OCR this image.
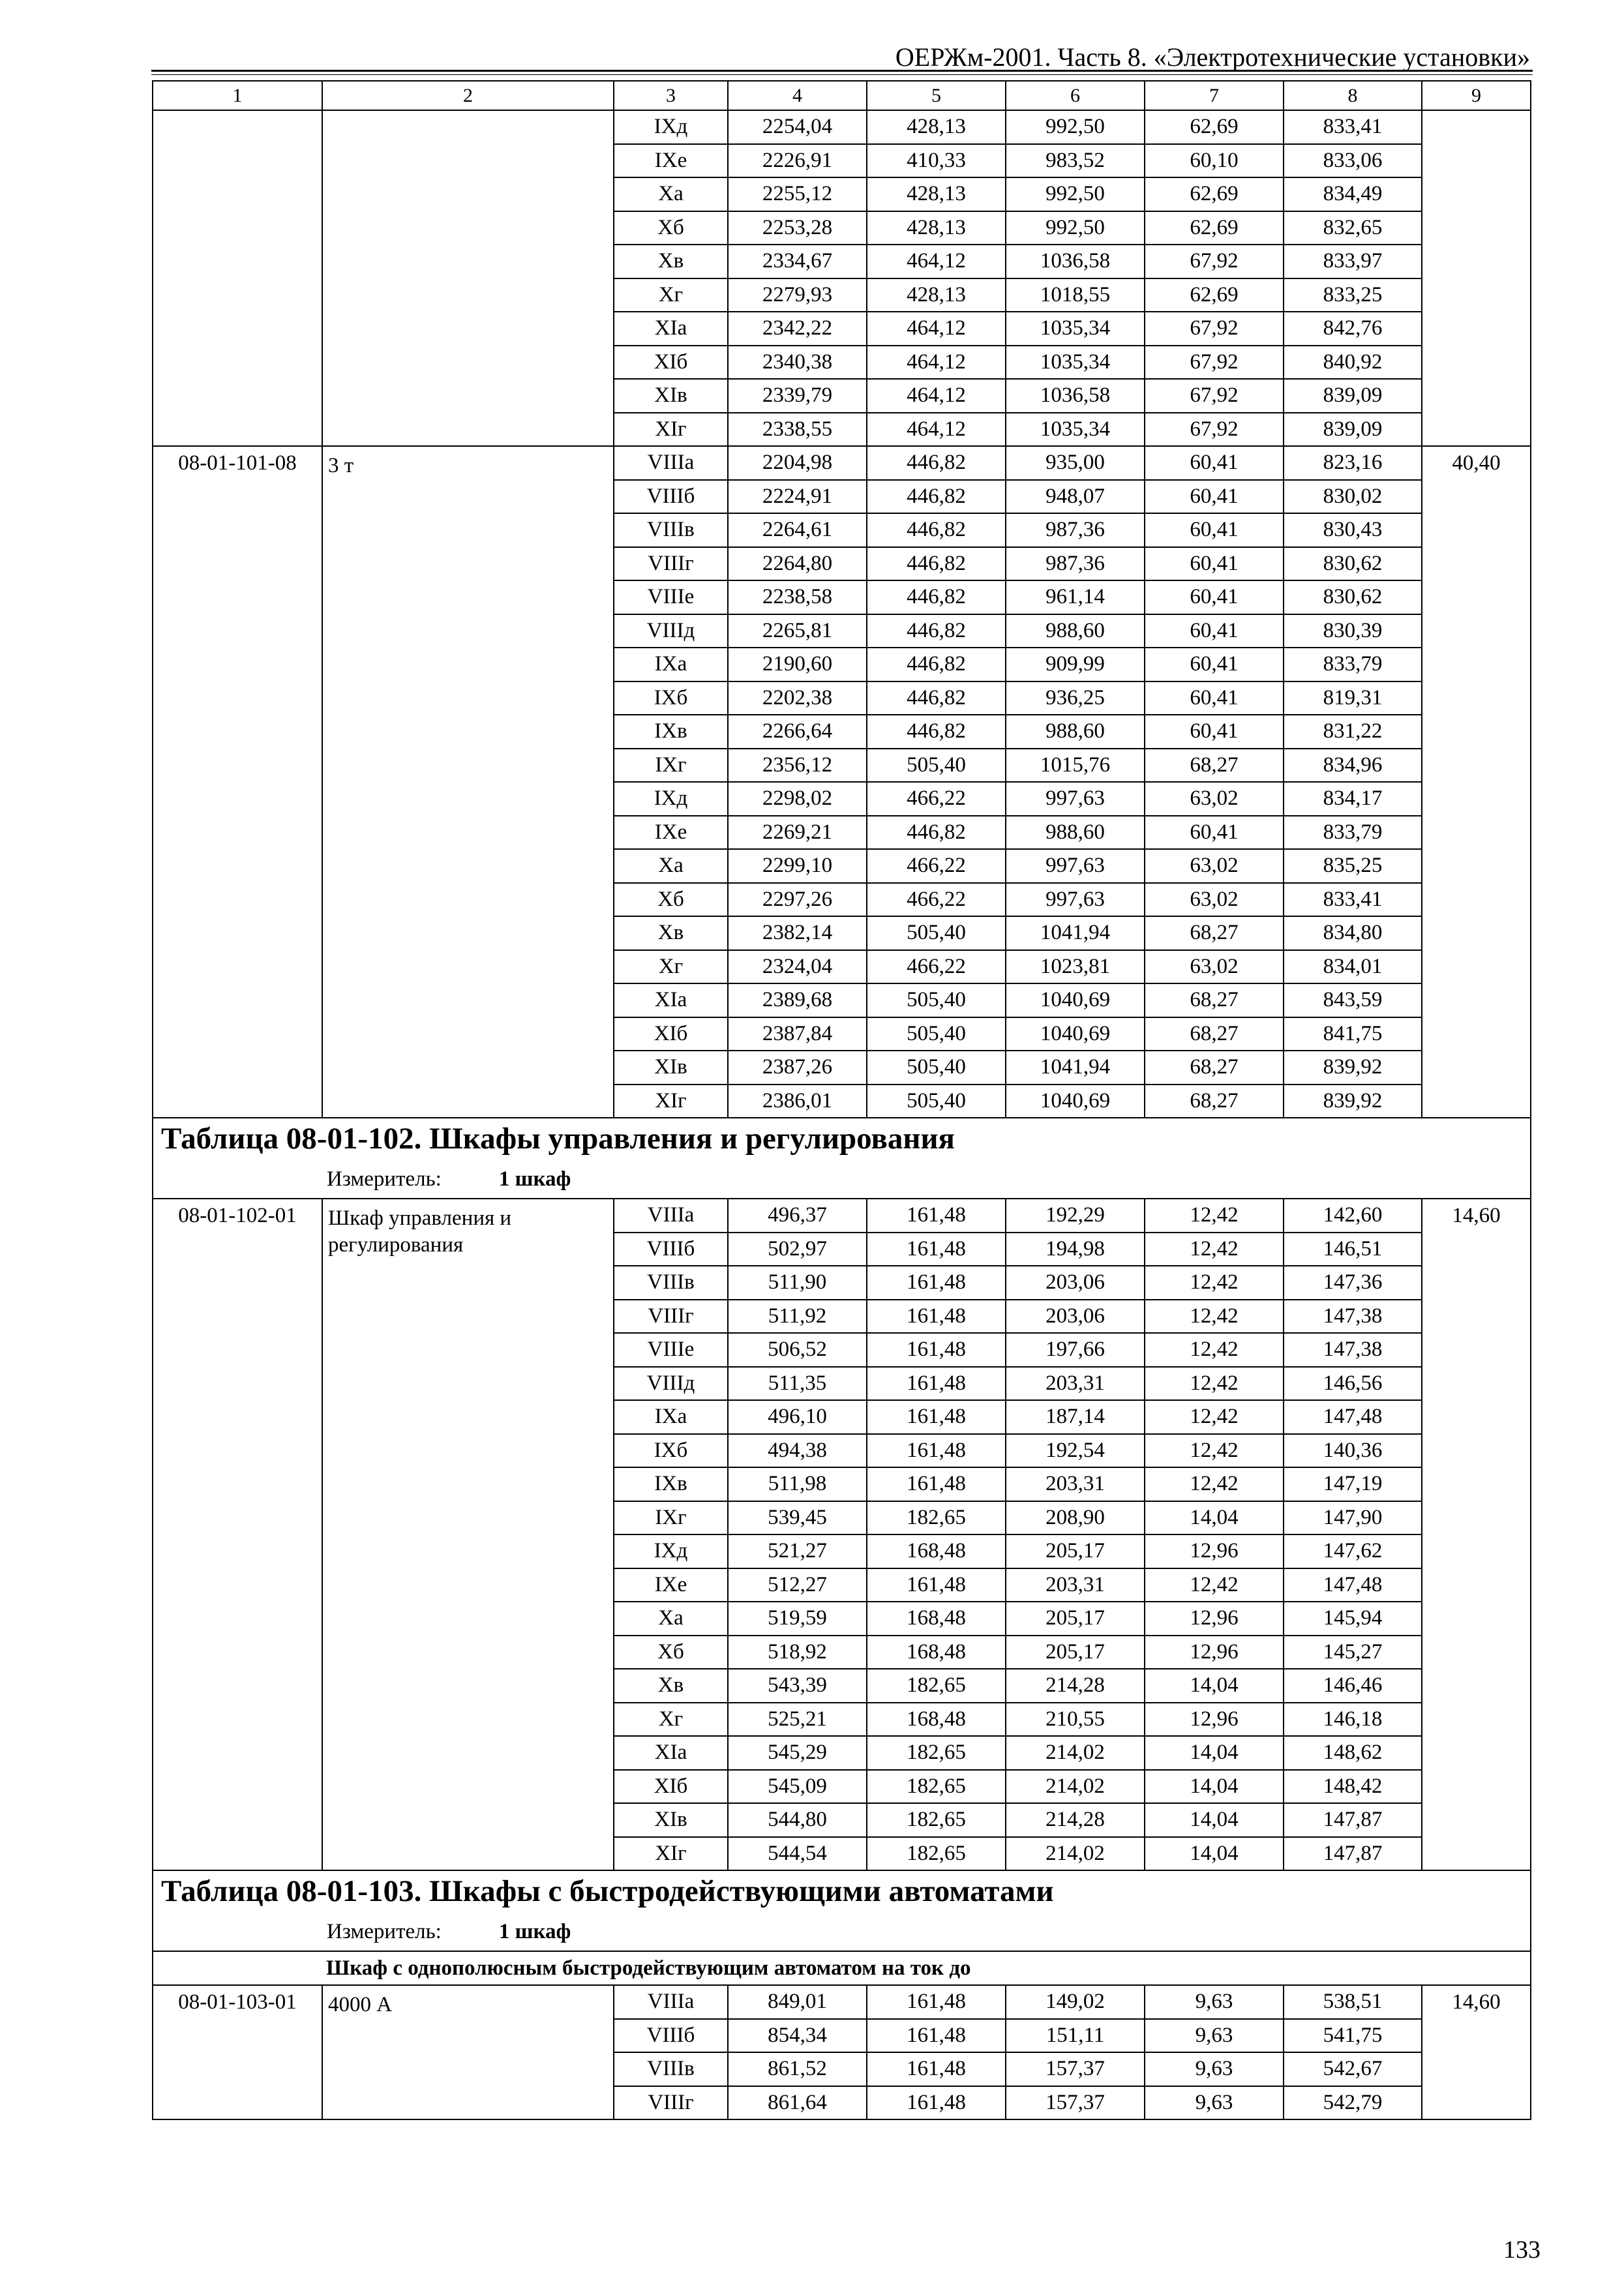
ОЕРЖм-2001. Часть 8. «Электротехнические установки»
1	2	3	4	5	6	7	8	9
		IХд	2254,04	428,13	992,50	62,69	833,41	
		IХе	2226,91	410,33	983,52	60,10	833,06	
		Ха	2255,12	428,13	992,50	62,69	834,49	
		Хб	2253,28	428,13	992,50	62,69	832,65	
		Хв	2334,67	464,12	1036,58	67,92	833,97	
		Хг	2279,93	428,13	1018,55	62,69	833,25	
		ХIа	2342,22	464,12	1035,34	67,92	842,76	
		ХIб	2340,38	464,12	1035,34	67,92	840,92	
		ХIв	2339,79	464,12	1036,58	67,92	839,09	
		ХIг	2338,55	464,12	1035,34	67,92	839,09	
08-01-101-08	3 т	VIIIа	2204,98	446,82	935,00	60,41	823,16	40,40
		VIIIб	2224,91	446,82	948,07	60,41	830,02	
		VIIIв	2264,61	446,82	987,36	60,41	830,43	
		VIIIг	2264,80	446,82	987,36	60,41	830,62	
		VIIIе	2238,58	446,82	961,14	60,41	830,62	
		VIIIд	2265,81	446,82	988,60	60,41	830,39	
		IХа	2190,60	446,82	909,99	60,41	833,79	
		IХб	2202,38	446,82	936,25	60,41	819,31	
		IХв	2266,64	446,82	988,60	60,41	831,22	
		IХг	2356,12	505,40	1015,76	68,27	834,96	
		IХд	2298,02	466,22	997,63	63,02	834,17	
		IХе	2269,21	446,82	988,60	60,41	833,79	
		Ха	2299,10	466,22	997,63	63,02	835,25	
		Хб	2297,26	466,22	997,63	63,02	833,41	
		Хв	2382,14	505,40	1041,94	68,27	834,80	
		Хг	2324,04	466,22	1023,81	63,02	834,01	
		ХIа	2389,68	505,40	1040,69	68,27	843,59	
		ХIб	2387,84	505,40	1040,69	68,27	841,75	
		ХIв	2387,26	505,40	1041,94	68,27	839,92	
		ХIг	2386,01	505,40	1040,69	68,27	839,92	

Таблица 08-01-102. Шкафы управления и регулирования
Измеритель: 1 шкаф								

08-01-102-01	Шкаф управления и регулирования	VIIIа	496,37	161,48	192,29	12,42	142,60	14,60
		VIIIб	502,97	161,48	194,98	12,42	146,51	
		VIIIв	511,90	161,48	203,06	12,42	147,36	
		VIIIг	511,92	161,48	203,06	12,42	147,38	
		VIIIе	506,52	161,48	197,66	12,42	147,38	
		VIIIд	511,35	161,48	203,31	12,42	146,56	
		IХа	496,10	161,48	187,14	12,42	147,48	
		IХб	494,38	161,48	192,54	12,42	140,36	
		IХв	511,98	161,48	203,31	12,42	147,19	
		IХг	539,45	182,65	208,90	14,04	147,90	
		IХд	521,27	168,48	205,17	12,96	147,62	
		IХе	512,27	161,48	203,31	12,42	147,48	
		Ха	519,59	168,48	205,17	12,96	145,94	
		Хб	518,92	168,48	205,17	12,96	145,27	
		Хв	543,39	182,65	214,28	14,04	146,46	
		Хг	525,21	168,48	210,55	12,96	146,18	
		ХIа	545,29	182,65	214,02	14,04	148,62	
		ХIб	545,09	182,65	214,02	14,04	148,42	
		ХIв	544,80	182,65	214,28	14,04	147,87	
		ХIг	544,54	182,65	214,02	14,04	147,87	

Таблица 08-01-103. Шкафы с быстродействующими автоматами
Измеритель: 1 шкаф								

Шкаф с однополюсным быстродействующим автоматом на ток до								
08-01-103-01	4000 А	VIIIа	849,01	161,48	149,02	9,63	538,51	14,60
		VIIIб	854,34	161,48	151,11	9,63	541,75	
		VIIIв	861,52	161,48	157,37	9,63	542,67	
		VIIIг	861,64	161,48	157,37	9,63	542,79	
133
